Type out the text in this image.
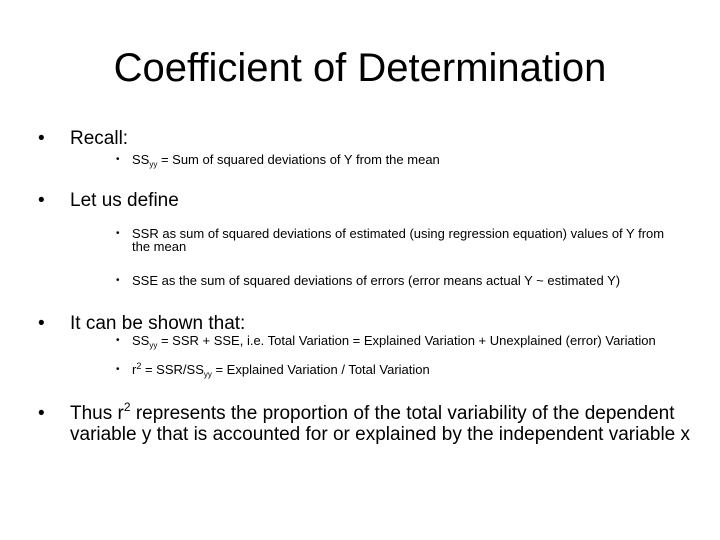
Coefficient of Determination
• Recall:
• $SS_{yy}$ = Sum of squared deviations of Y from the mean
• Let us define
• SSR as sum of squared deviations of estimated (using regression equation) values of Y from the mean
• SSE as the sum of squared deviations of errors (error means actual Y ~ estimated Y)
• It can be shown that:
• $SS_{yy}$ = SSR + SSE, i.e. Total Variation = Explained Variation + Unexplained (error) Variation
• $r^2 = SSR/SS_{yy}$ = Explained Variation / Total Variation
• Thus $r^2$ represents the proportion of the total variability of the dependent variable y that is accounted for or explained by the independent variable x
